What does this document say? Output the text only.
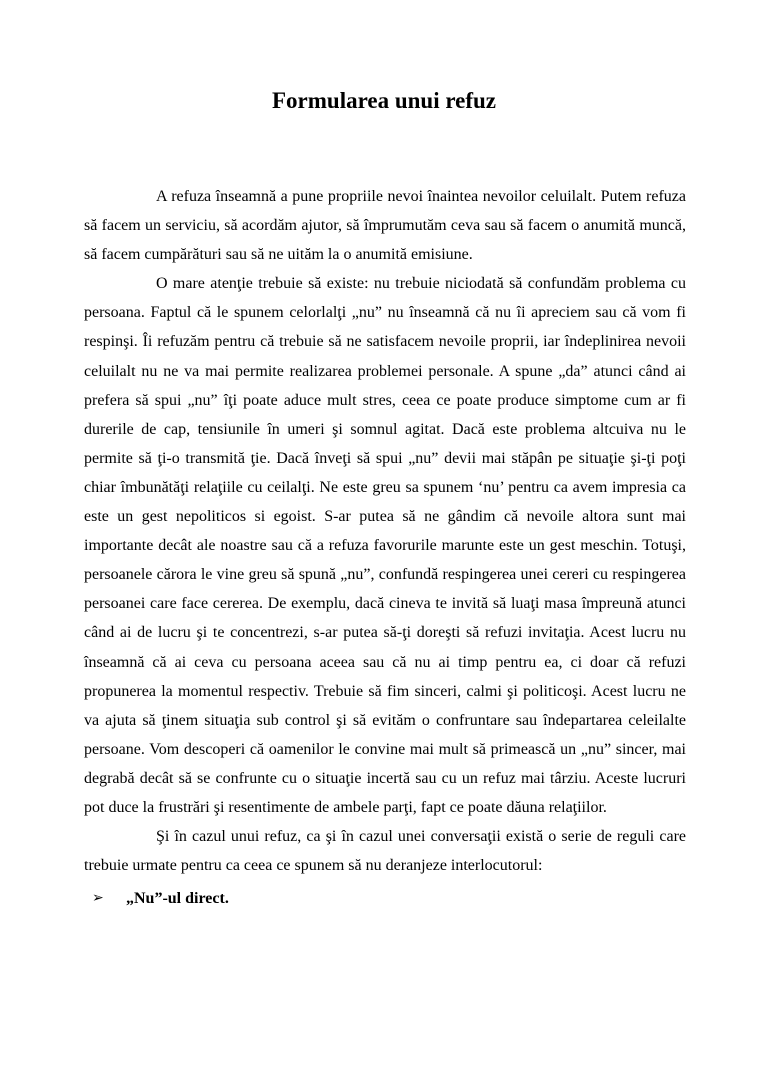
Formularea unui refuz

A refuza înseamnă a pune propriile nevoi înaintea nevoilor celuilalt. Putem refuza să facem un serviciu, să acordăm ajutor, să împrumutăm ceva sau să facem o anumită muncă, să facem cumpărături sau să ne uităm la o anumită emisiune.

O mare atenţie trebuie să existe: nu trebuie niciodată să confundăm problema cu persoana. Faptul că le spunem celorlalţi „nu” nu înseamnă că nu îi apreciem sau că vom fi respinşi. Îi refuzăm pentru că trebuie să ne satisfacem nevoile proprii, iar îndeplinirea nevoii celuilalt nu ne va mai permite realizarea problemei personale. A spune „da” atunci când ai prefera să spui „nu” îţi poate aduce mult stres, ceea ce poate produce simptome cum ar fi durerile de cap, tensiunile în umeri şi somnul agitat. Dacă este problema altcuiva nu le permite să ţi-o transmită ţie. Dacă înveţi să spui „nu” devii mai stăpân pe situaţie şi-ţi poţi chiar îmbunătăţi relaţiile cu ceilalţi. Ne este greu sa spunem ‘nu’ pentru ca avem impresia ca este un gest nepoliticos si egoist. S-ar putea să ne gândim că nevoile altora sunt mai importante decât ale noastre sau că a refuza favorurile marunte este un gest meschin. Totuşi, persoanele cărora le vine greu să spună „nu”, confundă respingerea unei cereri cu respingerea persoanei care face cererea. De exemplu, dacă cineva te invită să luaţi masa împreună atunci când ai de lucru şi te concentrezi, s-ar putea să-ţi doreşti să refuzi invitaţia. Acest lucru nu înseamnă că ai ceva cu persoana aceea sau că nu ai timp pentru ea, ci doar că refuzi propunerea la momentul respectiv. Trebuie să fim sinceri, calmi şi politicoşi. Acest lucru ne va ajuta să ţinem situaţia sub control şi să evităm o confruntare sau îndepartarea celeilalte persoane. Vom descoperi că oamenilor le convine mai mult să primească un „nu” sincer, mai degrabă decât să se confrunte cu o situaţie incertă sau cu un refuz mai târziu. Aceste lucruri pot duce la frustrări şi resentimente de ambele parţi, fapt ce poate dăuna relaţiilor.

Şi în cazul unui refuz, ca şi în cazul unei conversaţii există o serie de reguli care trebuie urmate pentru ca ceea ce spunem să nu deranjeze interlocutorul:

➢	„Nu”-ul direct.
